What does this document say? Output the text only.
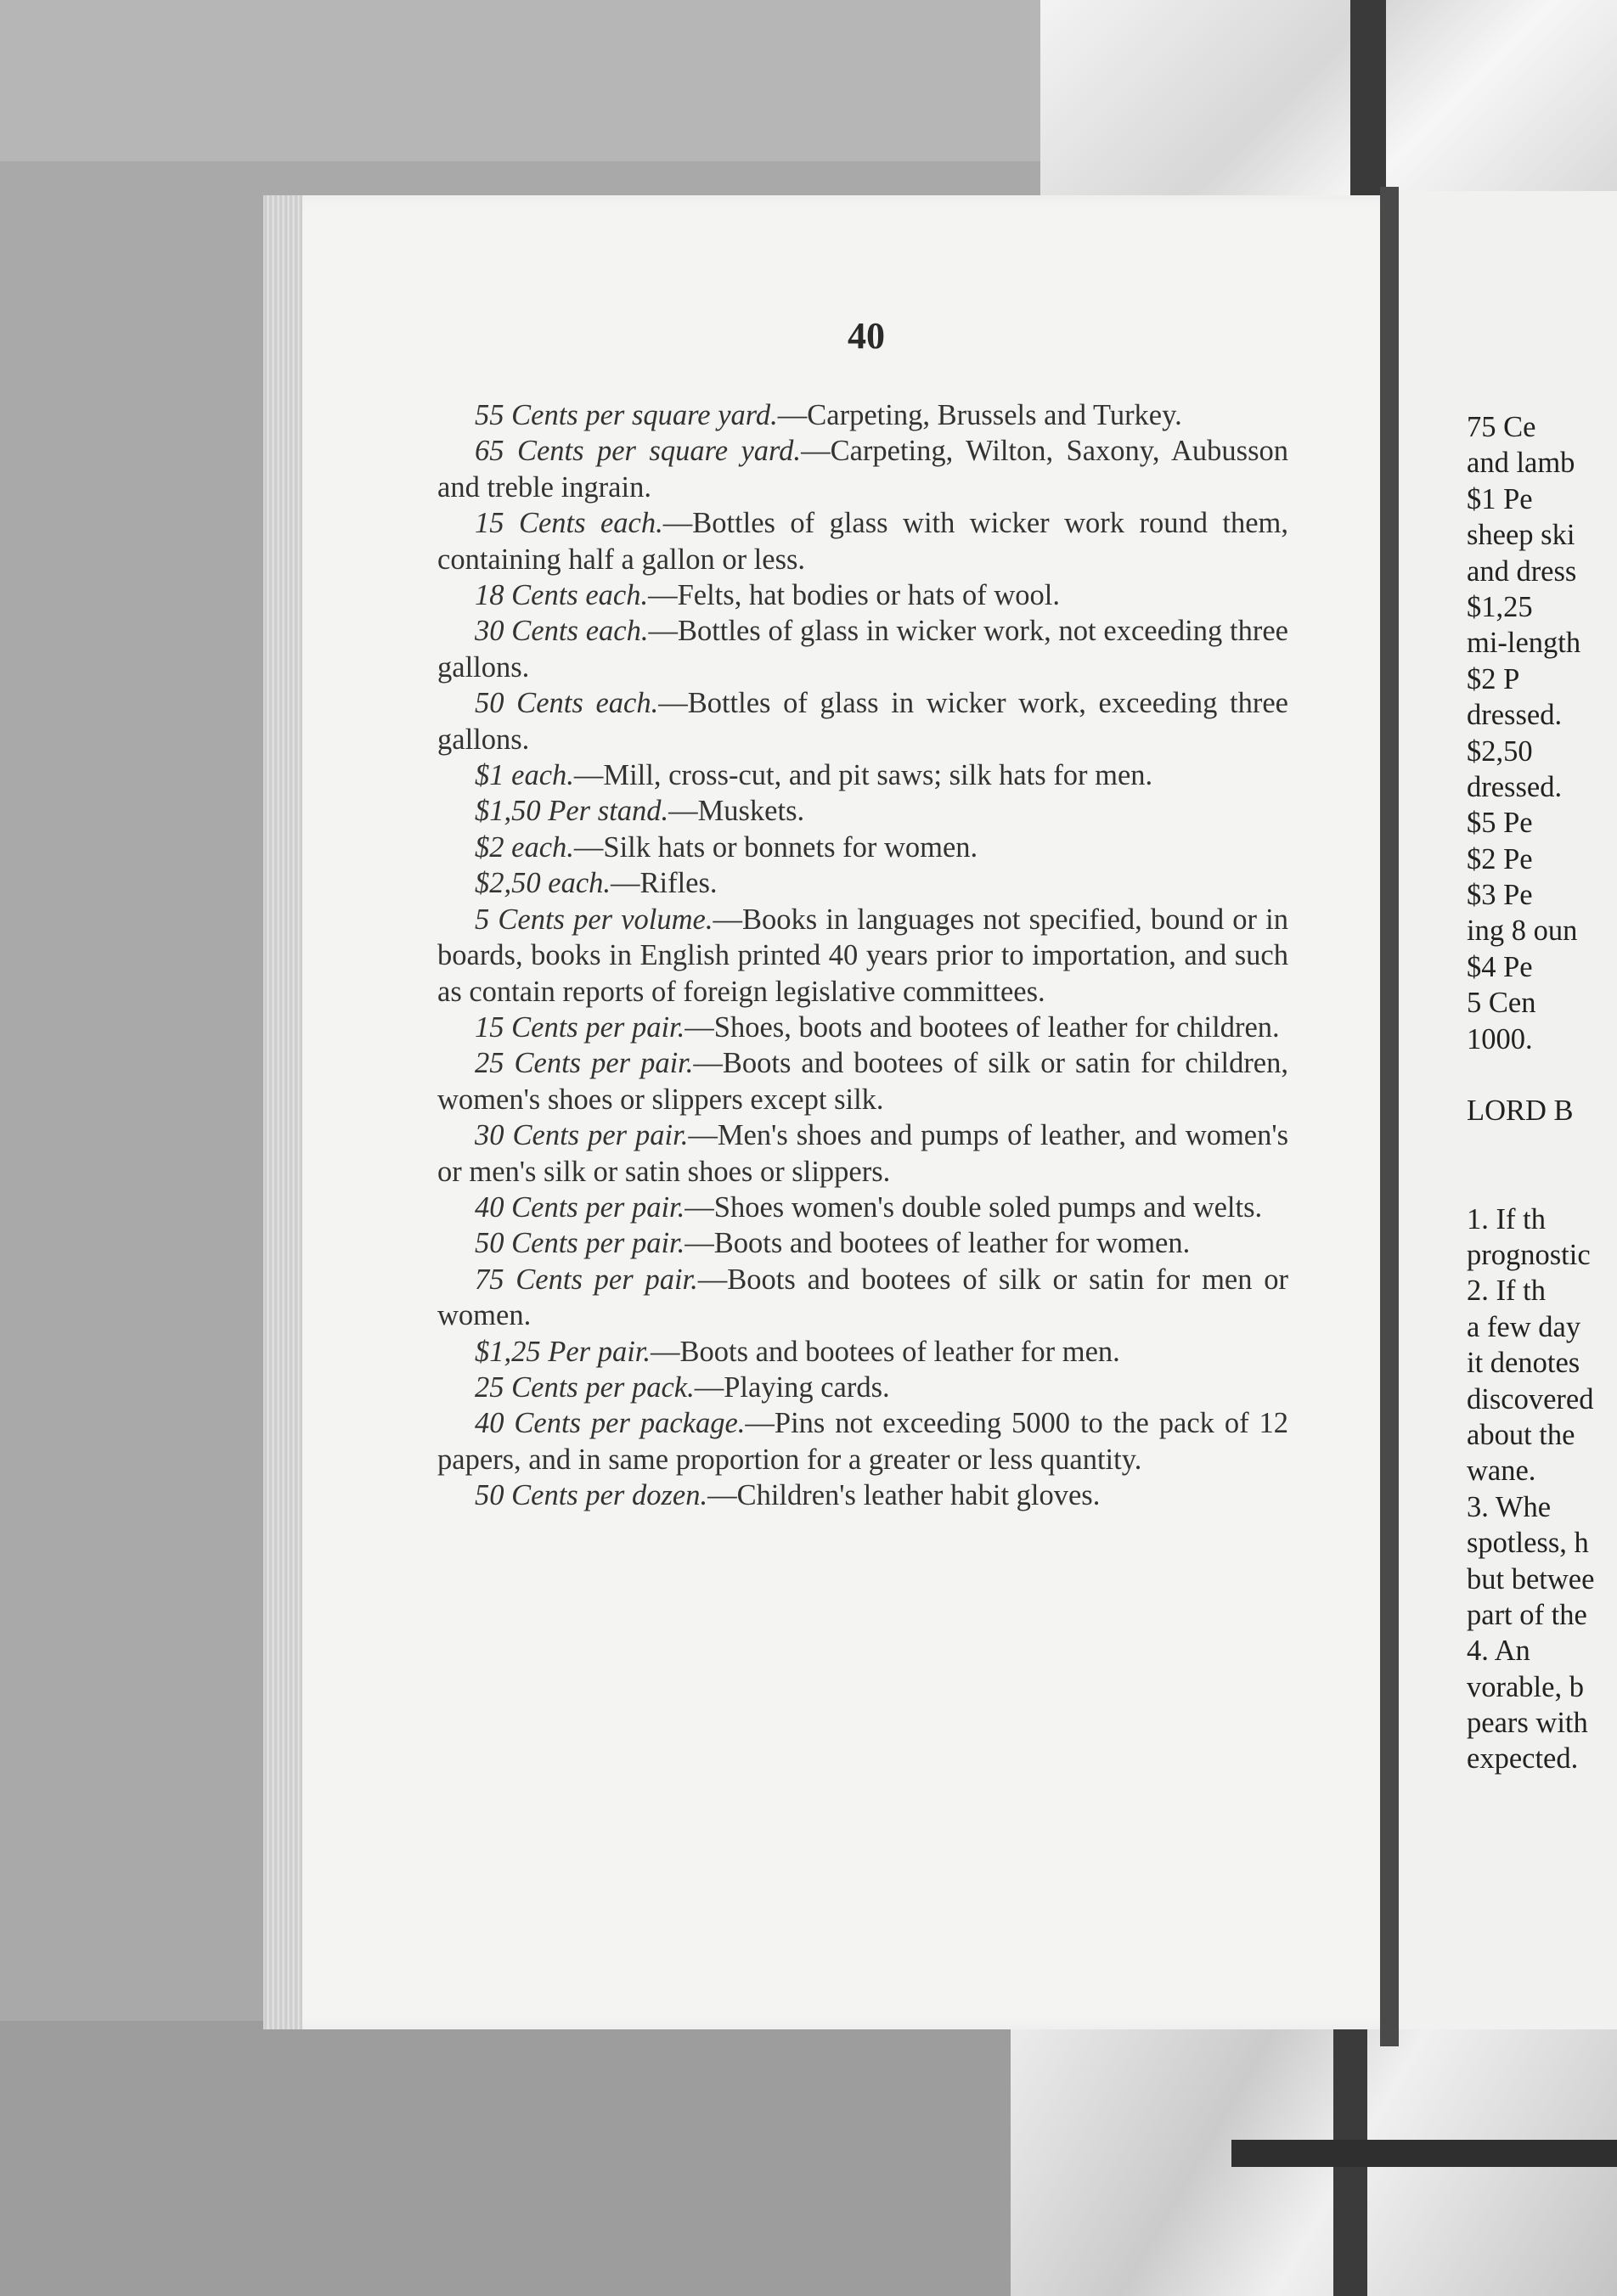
40

55 Cents per square yard.—Carpeting, Brussels and Turkey.

65 Cents per square yard.—Carpeting, Wilton, Saxony, Aubusson and treble ingrain.

15 Cents each.—Bottles of glass with wicker work round them, containing half a gallon or less.

18 Cents each.—Felts, hat bodies or hats of wool.

30 Cents each.—Bottles of glass in wicker work, not exceeding three gallons.

50 Cents each.—Bottles of glass in wicker work, exceeding three gallons.

$1 each.—Mill, cross-cut, and pit saws; silk hats for men.

$1,50 Per stand.—Muskets.

$2 each.—Silk hats or bonnets for women.

$2,50 each.—Rifles.

5 Cents per volume.—Books in languages not specified, bound or in boards, books in English printed 40 years prior to importation, and such as contain reports of foreign legislative committees.

15 Cents per pair.—Shoes, boots and bootees of leather for children.

25 Cents per pair.—Boots and bootees of silk or satin for children, women's shoes or slippers except silk.

30 Cents per pair.—Men's shoes and pumps of leather, and women's or men's silk or satin shoes or slippers.

40 Cents per pair.—Shoes women's double soled pumps and welts.

50 Cents per pair.—Boots and bootees of leather for women.

75 Cents per pair.—Boots and bootees of silk or satin for men or women.

$1,25 Per pair.—Boots and bootees of leather for men.

25 Cents per pack.—Playing cards.

40 Cents per package.—Pins not exceeding 5000 to the pack of 12 papers, and in same proportion for a greater or less quantity.

50 Cents per dozen.—Children's leather habit gloves.

75 Ce
and lamb
$1 Pe
sheep ski
and dress
$1,25
mi-length
$2 P
dressed.
$2,50
dressed.
$5 Pe
$2 Pe
$3 Pe
ing 8 oun
$4 Pe
5 Cen
1000.
LORD B
1. If th
prognostic
2. If th
a few day
it denotes
discovered
about the
wane.
3. Whe
spotless, h
but betwee
part of the
4. An
vorable, b
pears with
expected.
